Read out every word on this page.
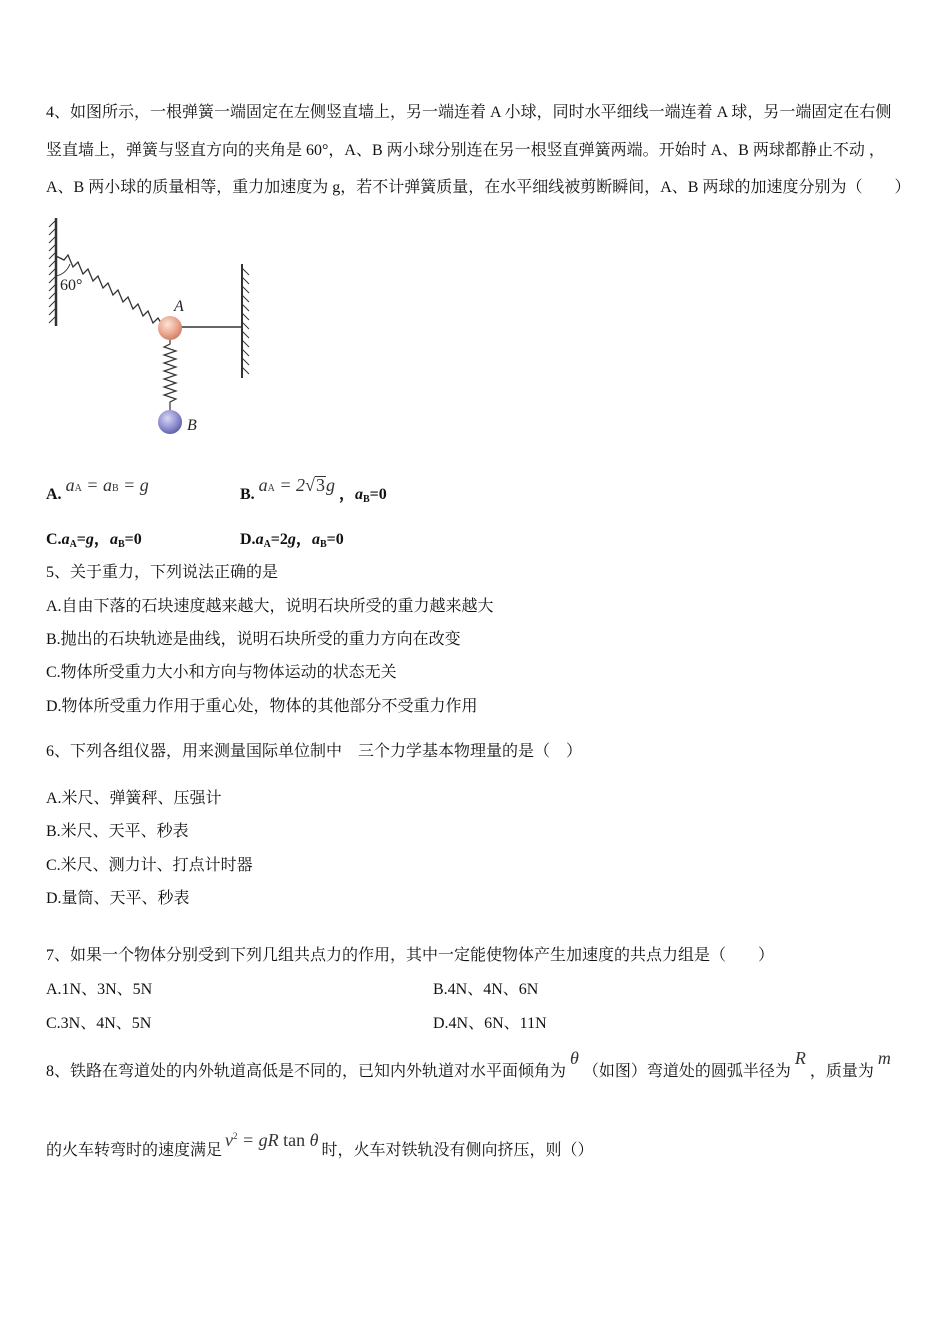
4、如图所示，一根弹簧一端固定在左侧竖直墙上，另一端连着 A 小球，同时水平细线一端连着 A 球，另一端固定在右侧
竖直墙上，弹簧与竖直方向的夹角是 60°，A、B 两小球分别连在另一根竖直弹簧两端。开始时 A、B 两球都静止不动 ，
A、B 两小球的质量相等，重力加速度为 g，若不计弹簧质量，在水平细线被剪断瞬间，A、B 两球的加速度分别为（　　）
60°
A
B
A. aA = aB = g	B. aA = 2√3g ，$a_B=0$
$C.a_A=g$，$a_B=0$	$D.a_A=2g$，$a_B=0$
5、关于重力，下列说法正确的是
A.自由下落的石块速度越来越大，说明石块所受的重力越来越大
B.抛出的石块轨迹是曲线，说明石块所受的重力方向在改变
C.物体所受重力大小和方向与物体运动的状态无关
D.物体所受重力作用于重心处，物体的其他部分不受重力作用
6、下列各组仪器，用来测量国际单位制中　三个力学基本物理量的是（　）
A.米尺、弹簧秤、压强计
B.米尺、天平、秒表
C.米尺、测力计、打点计时器
D.量筒、天平、秒表
7、如果一个物体分别受到下列几组共点力的作用，其中一定能使物体产生加速度的共点力组是（　　）
A.1N、3N、5N	B.4N、4N、6N
C.3N、4N、5N	D.4N、6N、11N
8、铁路在弯道处的内外轨道高低是不同的，已知内外轨道对水平面倾角为θ（如图）弯道处的圆弧半径为R，质量为m
的火车转弯时的速度满足$v^2$ = gR tan θ时，火车对铁轨没有侧向挤压，则（）
